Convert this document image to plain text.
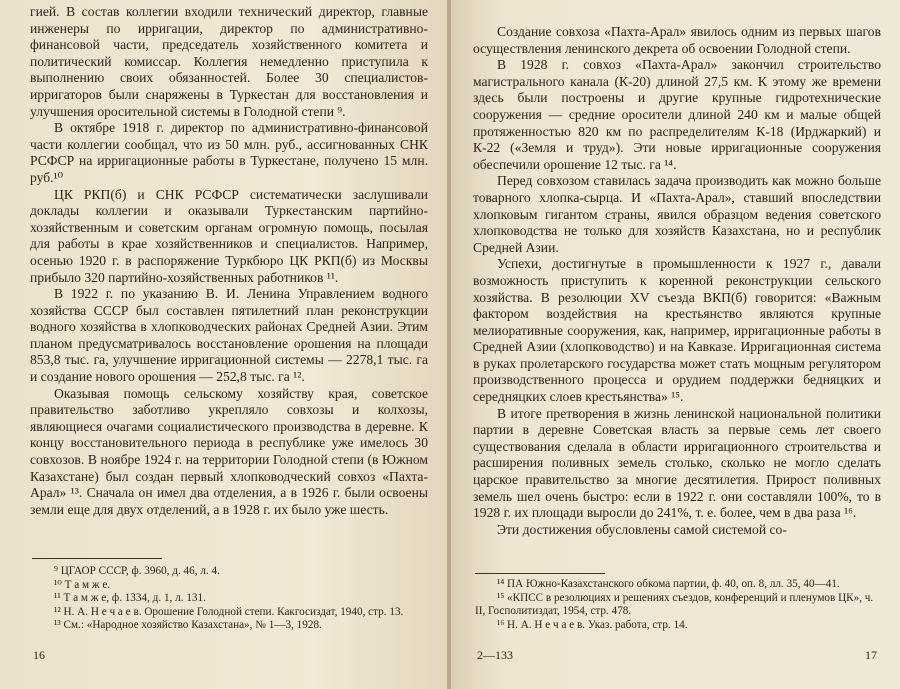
гией. В состав коллегии входили технический директор, главные инженеры по ирригации, директор по административно-финансовой части, председатель хозяйственного комитета и политический комиссар. Коллегия немедленно приступила к выполнению своих обязанностей. Более 30 специалистов-ирригаторов были снаряжены в Туркестан для восстановления и улучшения оросительной системы в Голодной степи ⁹.

В октябре 1918 г. директор по административно-финансовой части коллегии сообщал, что из 50 млн. руб., ассигнованных СНК РСФСР на ирригационные работы в Туркестане, получено 15 млн. руб.¹⁰

ЦК РКП(б) и СНК РСФСР систематически заслушивали доклады коллегии и оказывали Туркестанским партийно-хозяйственным и советским органам огромную помощь, посылая для работы в крае хозяйственников и специалистов. Например, осенью 1920 г. в распоряжение Туркбюро ЦК РКП(б) из Москвы прибыло 320 партийно-хозяйственных работников ¹¹.

В 1922 г. по указанию В. И. Ленина Управлением водного хозяйства СССР был составлен пятилетний план реконструкции водного хозяйства в хлопководческих районах Средней Азии. Этим планом предусматривалось восстановление орошения на площади 853,8 тыс. га, улучшение ирригационной системы — 2278,1 тыс. га и создание нового орошения — 252,8 тыс. га ¹².

Оказывая помощь сельскому хозяйству края, советское правительство заботливо укрепляло совхозы и колхозы, являющиеся очагами социалистического производства в деревне. К концу восстановительного периода в республике уже имелось 30 совхозов. В ноябре 1924 г. на территории Голодной степи (в Южном Казахстане) был создан первый хлопководческий совхоз «Пахта-Арал» ¹³. Сначала он имел два отделения, а в 1926 г. были освоены земли еще для двух отделений, а в 1928 г. их было уже шесть.

⁹ ЦГАОР СССР, ф. 3960, д. 46, л. 4.
¹⁰ Т а м ж е.
¹¹ Т а м ж е, ф. 1334, д. 1, л. 131.
¹² Н. А. Н е ч а е в. Орошение Голодной степи. Какгосиздат, 1940, стр. 13.
¹³ См.: «Народное хозяйство Казахстана», № 1—3, 1928.
16

Создание совхоза «Пахта-Арал» явилось одним из первых шагов осуществления ленинского декрета об освоении Голодной степи.

В 1928 г. совхоз «Пахта-Арал» закончил строительство магистрального канала (К-20) длиной 27,5 км. К этому же времени здесь были построены и другие крупные гидротехнические сооружения — средние оросители длиной 240 км и малые общей протяженностью 820 км по распределителям К-18 (Ирджаркий) и К-22 («Земля и труд»). Эти новые ирригационные сооружения обеспечили орошение 12 тыс. га ¹⁴.

Перед совхозом ставилась задача производить как можно больше товарного хлопка-сырца. И «Пахта-Арал», ставший впоследствии хлопковым гигантом страны, явился образцом ведения советского хлопководства не только для хозяйств Казахстана, но и республик Средней Азии.

Успехи, достигнутые в промышленности к 1927 г., давали возможность приступить к коренной реконструкции сельского хозяйства. В резолюции XV съезда ВКП(б) говорится: «Важным фактором воздействия на крестьянство являются крупные мелиоративные сооружения, как, например, ирригационные работы в Средней Азии (хлопководство) и на Кавказе. Ирригационная система в руках пролетарского государства может стать мощным регулятором производственного процесса и орудием поддержки бедняцких и середняцких слоев крестьянства» ¹⁵.

В итоге претворения в жизнь ленинской национальной политики партии в деревне Советская власть за первые семь лет своего существования сделала в области ирригационного строительства и расширения поливных земель столько, сколько не могло сделать царское правительство за многие десятилетия. Прирост поливных земель шел очень быстро: если в 1922 г. они составляли 100%, то в 1928 г. их площади выросли до 241%, т. е. более, чем в два раза ¹⁶.

Эти достижения обусловлены самой системой со-

¹⁴ ПА Южно-Казахстанского обкома партии, ф. 40, оп. 8, лл. 35, 40—41.
¹⁵ «КПСС в резолюциях и решениях съездов, конференций и пленумов ЦК», ч. II, Госполитиздат, 1954, стр. 478.
¹⁶ Н. А. Н е ч а е в. Указ. работа, стр. 14.
2—133	17
